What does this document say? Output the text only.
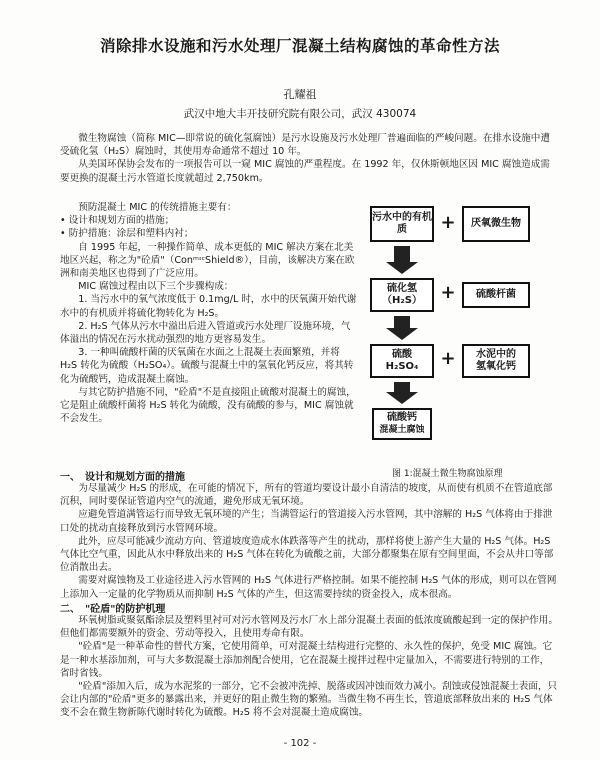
消除排水设施和污水处理厂混凝土结构腐蚀的革命性方法
孔耀祖
武汉中地大丰开技研究院有限公司，武汉 430074

微生物腐蚀（简称 MIC—即常说的硫化氢腐蚀）是污水设施及污水处理厂普遍面临的严峻问题。在排水设施中遭受硫化氢（H₂S）腐蚀时，其使用寿命通常不超过 10 年。

从美国环保协会发布的一项报告可以一窥 MIC 腐蚀的严重程度。在 1992 年，仅休斯顿地区因 MIC 腐蚀造成需要更换的混凝土污水管道长度就超过 2,750km。

预防混凝土 MIC 的传统措施主要有：

• 设计和规划方面的措施；

• 防护措施：涂层和塑料内衬；

自 1995 年起，一种操作简单、成本更低的 MIC 解决方案在北美地区兴起，称之为"砼盾"（ConᵐᶦᶜShield®），目前，该解决方案在欧洲和南美地区也得到了广泛应用。

MIC 腐蚀过程由以下三个步骤构成：

1. 当污水中的氧气浓度低于 0.1mg/L 时，水中的厌氧菌开始代谢水中的有机质并将硫化物转化为 H₂S。

2. H₂S 气体从污水中溢出后进入管道或污水处理厂设施环境，气体溢出的情况在污水扰动强烈的地方更容易发生。

3. 一种叫硫酸杆菌的厌氧菌在水面之上混凝土表面繁殖，并将 H₂S 转化为硫酸（H₂SO₄）。硫酸与混凝土中的氢氧化钙反应，将其转化为硫酸钙，造成混凝土腐蚀。

与其它防护措施不同，"砼盾"不是直接阻止硫酸对混凝土的腐蚀，它是阻止硫酸杆菌将 H₂S 转化为硫酸，没有硫酸的参与，MIC 腐蚀就不会发生。

污水中的有机质	+ 厌氧微生物
硫化氢
（H₂S） + 硫酸杆菌
硫酸
H₂SO₄ + 水泥中的
氢氧化钙
硫酸钙
混凝土腐蚀
图 1:混凝土微生物腐蚀原理
一、　设计和规划方面的措施

为尽量减少 H₂S 的形成，在可能的情况下，所有的管道均要设计最小自清洁的坡度，从而使有机质不在管道底部沉积，同时要保证管道内空气的流通，避免形成无氧环境。

应避免管道满管运行而导致无氧环境的产生；当满管运行的管道接入污水管网，其中溶解的 H₂S 气体将由于排泄口处的扰动直接释放到污水管网环境。

此外，应尽可能减少流动方向、管道坡度造成水体跌落等产生的扰动，那样将使上游产生大量的 H₂S 气体。H₂S 气体比空气重，因此从水中释放出来的 H₂S 气体在转化为硫酸之前，大部分都聚集在原有空间里面，不会从井口等部位消散出去。

需要对腐蚀物及工业途径进入污水管网的 H₂S 气体进行严格控制。如果不能控制 H₂S 气体的形成，则可以在管网上添加入一定量的化学物质从而抑制 H₂S 气体的产生，但这需要持续的资金投入，成本很高。

二、　"砼盾"的防护机理

环氧树脂或聚氨酯涂层及塑料里衬可对污水管网及污水厂水上部分混凝土表面的低浓度硫酸起到一定的保护作用。但他们都需要额外的资金、劳动等投入，且使用寿命有限。

"砼盾"是一种革命性的替代方案，它使用简单，可对混凝土结构进行完整的、永久性的保护，免受 MIC 腐蚀。它是一种水基添加剂，可与大多数混凝土添加剂配合使用，它在混凝土搅拌过程中定量加入，不需要进行特别的工作，省时省钱。

"砼盾"添加入后，成为水泥浆的一部分，它不会被冲洗掉、脱落或因冲蚀而效力减小。刮蚀或侵蚀混凝土表面，只会让内部的"砼盾"更多的暴露出来，并更好的阻止微生物的繁殖。当微生物不再生长，管道底部释放出来的 H₂S 气体变不会在微生物新陈代谢时转化为硫酸。H₂S 将不会对混凝土造成腐蚀。

- 102 -
